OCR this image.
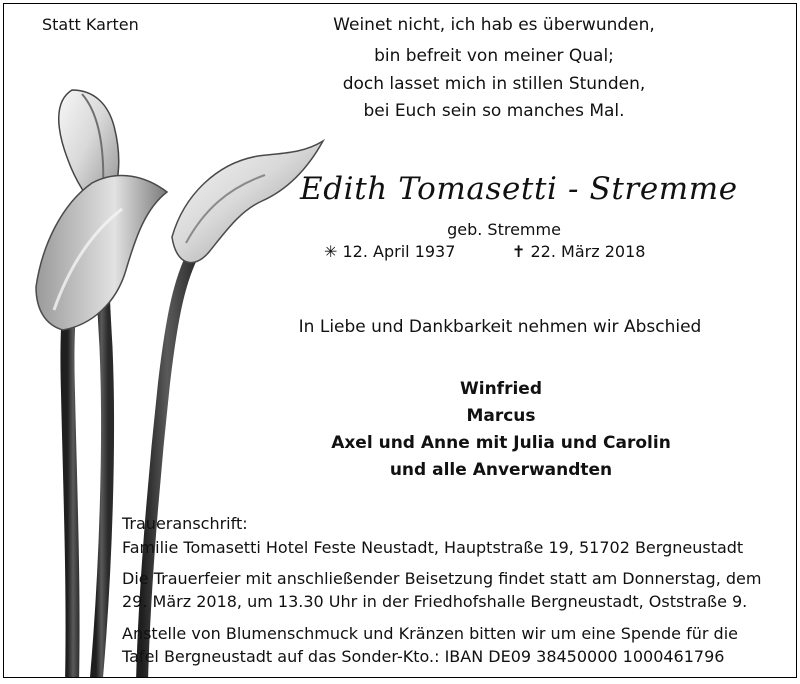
Statt Karten	Weinet nicht, ich hab es überwunden,
bin befreit von meiner Qual;
doch lasset mich in stillen Stunden,
bei Euch sein so manches Mal.
Edith Tomasetti - Stremme
geb. Stremme
✳ 12. April 1937	✝ 22. März 2018
In Liebe und Dankbarkeit nehmen wir Abschied
Winfried
Marcus
Axel und Anne mit Julia und Carolin
und alle Anverwandten
Traueranschrift:
Familie Tomasetti Hotel Feste Neustadt, Hauptstraße 19, 51702 Bergneustadt
Die Trauerfeier mit anschließender Beisetzung findet statt am Donnerstag, dem
29. März 2018, um 13.30 Uhr in der Friedhofshalle Bergneustadt, Oststraße 9.
Anstelle von Blumenschmuck und Kränzen bitten wir um eine Spende für die
Tafel Bergneustadt auf das Sonder-Kto.: IBAN DE09 38450000 1000461796
